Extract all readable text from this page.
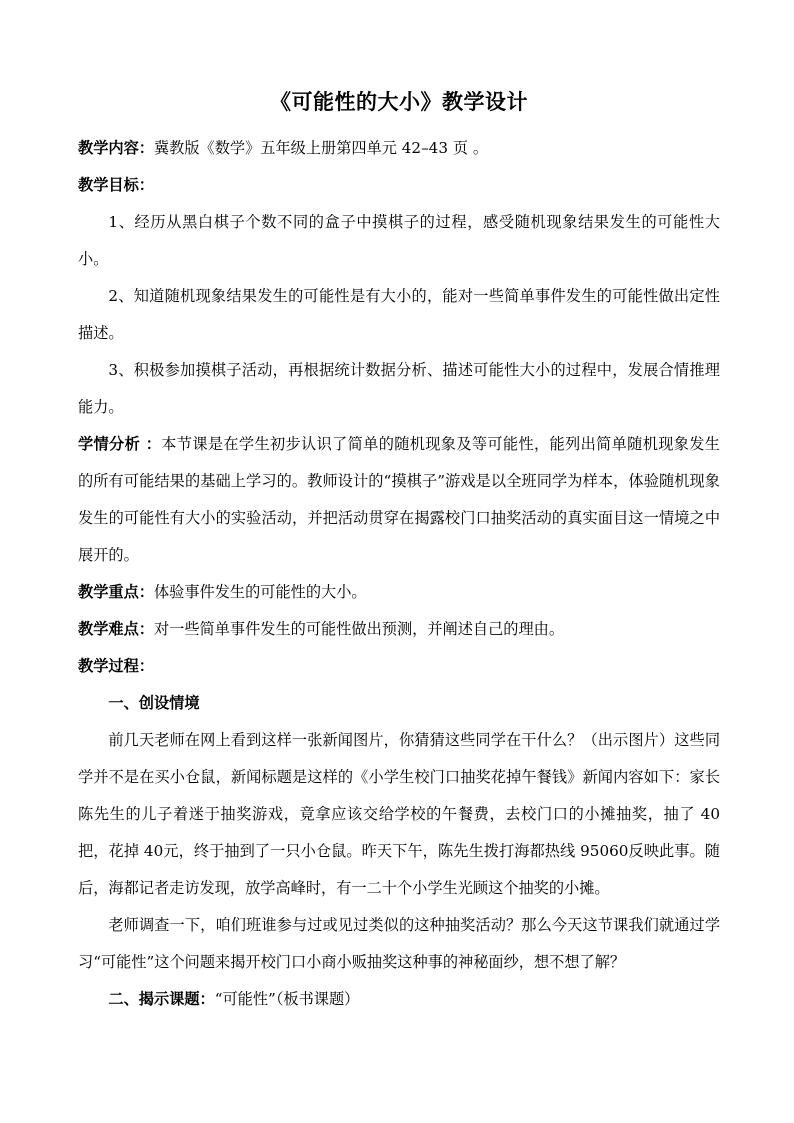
《可能性的大小》教学设计

教学内容：冀教版《数学》五年级上册第四单元 42–43 页 。

教学目标：

1、经历从黑白棋子个数不同的盒子中摸棋子的过程，感受随机现象结果发生的可能性大小。

2、知道随机现象结果发生的可能性是有大小的，能对一些简单事件发生的可能性做出定性描述。

3、积极参加摸棋子活动，再根据统计数据分析、描述可能性大小的过程中，发展合情推理能力。

学情分析 ：本节课是在学生初步认识了简单的随机现象及等可能性，能列出简单随机现象发生的所有可能结果的基础上学习的。教师设计的“摸棋子”游戏是以全班同学为样本，体验随机现象发生的可能性有大小的实验活动，并把活动贯穿在揭露校门口抽奖活动的真实面目这一情境之中展开的。

教学重点：体验事件发生的可能性的大小。

教学难点：对一些简单事件发生的可能性做出预测，并阐述自己的理由。

教学过程：

一、创设情境

前几天老师在网上看到这样一张新闻图片，你猜猜这些同学在干什么？（出示图片）这些同学并不是在买小仓鼠，新闻标题是这样的《小学生校门口抽奖花掉午餐钱》新闻内容如下：家长陈先生的儿子着迷于抽奖游戏，竟拿应该交给学校的午餐费，去校门口的小摊抽奖，抽了 40把，花掉 40元，终于抽到了一只小仓鼠。昨天下午，陈先生拨打海都热线 95060反映此事。随后，海都记者走访发现，放学高峰时，有一二十个小学生光顾这个抽奖的小摊。

老师调查一下，咱们班谁参与过或见过类似的这种抽奖活动？那么今天这节课我们就通过学习“可能性”这个问题来揭开校门口小商小贩抽奖这种事的神秘面纱，想不想了解？

二、揭示课题：“可能性”（板书课题）
